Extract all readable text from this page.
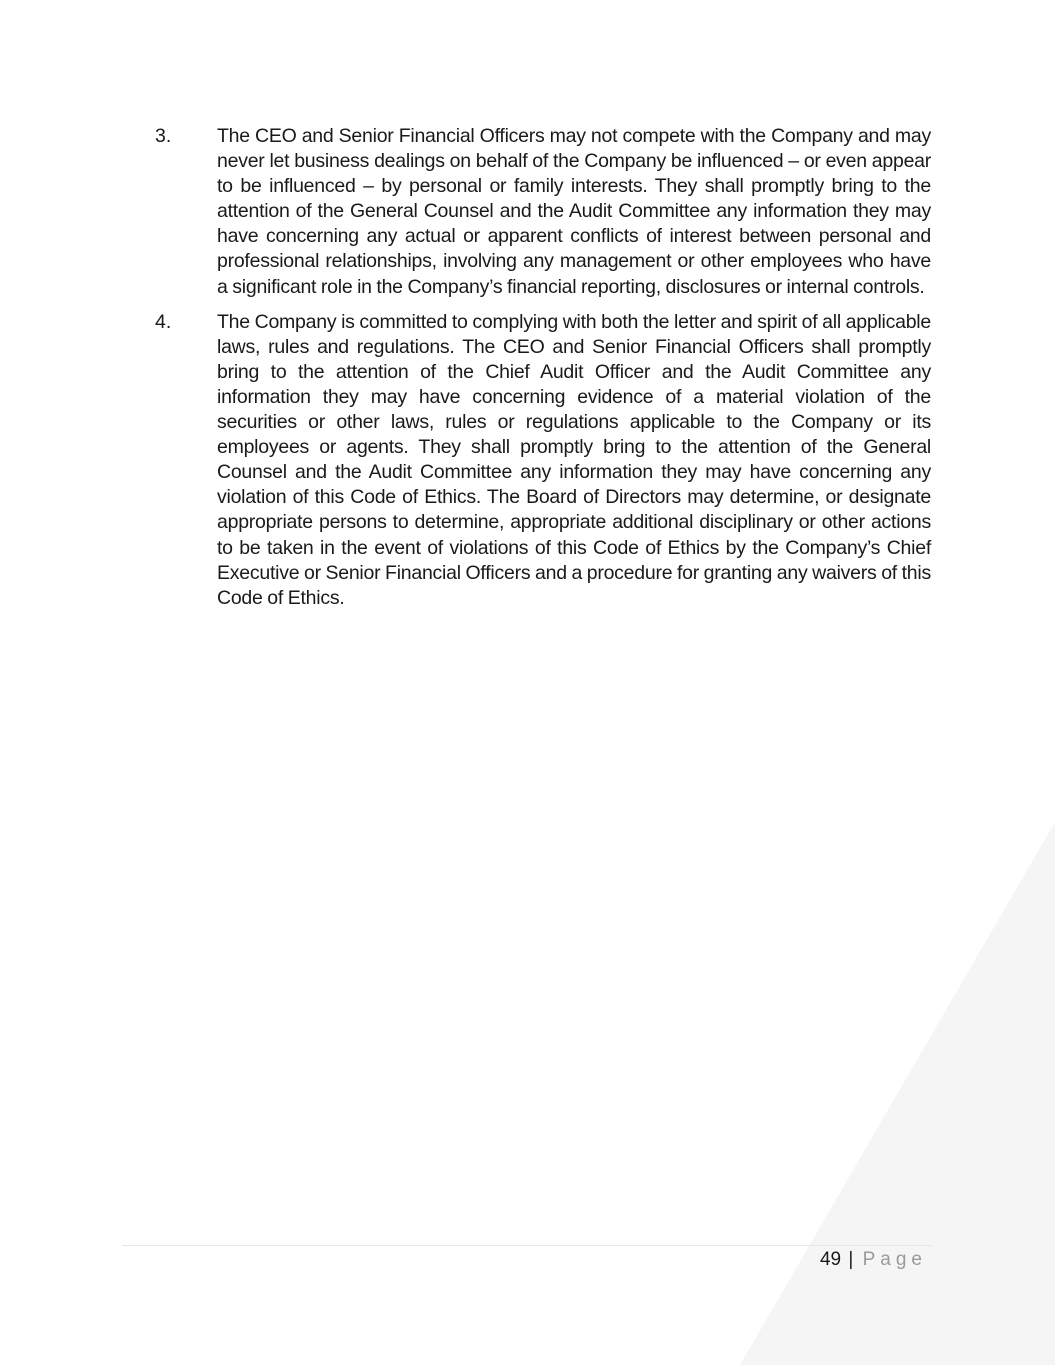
3.	The CEO and Senior Financial Officers may not compete with the Company and may never let business dealings on behalf of the Company be influenced – or even appear to be influenced – by personal or family interests. They shall promptly bring to the attention of the General Counsel and the Audit Committee any information they may have concerning any actual or apparent conflicts of interest between personal and professional relationships, involving any management or other employees who have a significant role in the Company’s financial reporting, disclosures or internal controls.
4.	The Company is committed to complying with both the letter and spirit of all applicable laws, rules and regulations. The CEO and Senior Financial Officers shall promptly bring to the attention of the Chief Audit Officer and the Audit Committee any information they may have concerning evidence of a material violation of the securities or other laws, rules or regulations applicable to the Company or its employees or agents. They shall promptly bring to the attention of the General Counsel and the Audit Committee any information they may have concerning any violation of this Code of Ethics. The Board of Directors may determine, or designate appropriate persons to determine, appropriate additional disciplinary or other actions to be taken in the event of violations of this Code of Ethics by the Company’s Chief Executive or Senior Financial Officers and a procedure for granting any waivers of this Code of Ethics.
49 | Page
